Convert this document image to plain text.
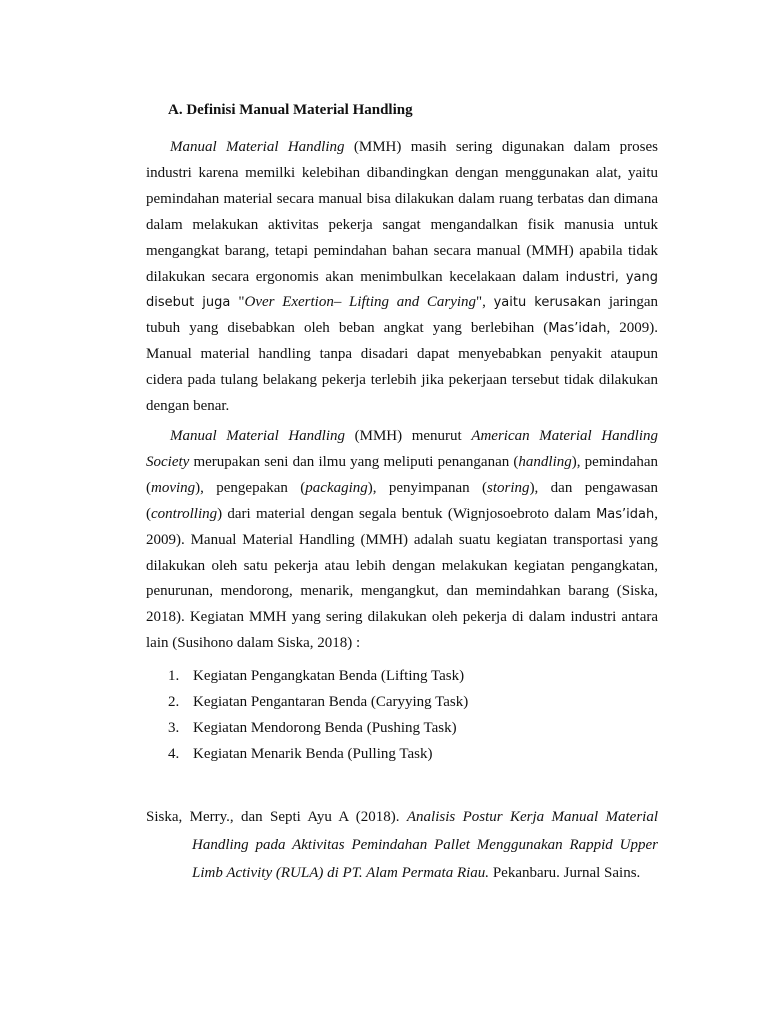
A. Definisi Manual Material Handling

Manual Material Handling (MMH) masih sering digunakan dalam proses industri karena memilki kelebihan dibandingkan dengan menggunakan alat, yaitu pemindahan material secara manual bisa dilakukan dalam ruang terbatas dan dimana dalam melakukan aktivitas pekerja sangat mengandalkan fisik manusia untuk mengangkat barang, tetapi pemindahan bahan secara manual (MMH) apabila tidak dilakukan secara ergonomis akan menimbulkan kecelakaan dalam industri, yang disebut juga "Over Exertion– Lifting and Carying", yaitu kerusakan jaringan tubuh yang disebabkan oleh beban angkat yang berlebihan (Mas’idah, 2009). Manual material handling tanpa disadari dapat menyebabkan penyakit ataupun cidera pada tulang belakang pekerja terlebih jika pekerjaan tersebut tidak dilakukan dengan benar.

Manual Material Handling (MMH) menurut American Material Handling Society merupakan seni dan ilmu yang meliputi penanganan (handling), pemindahan (moving), pengepakan (packaging), penyimpanan (storing), dan pengawasan (controlling) dari material dengan segala bentuk (Wignjosoebroto dalam Mas’idah, 2009). Manual Material Handling (MMH) adalah suatu kegiatan transportasi yang dilakukan oleh satu pekerja atau lebih dengan melakukan kegiatan pengangkatan, penurunan, mendorong, menarik, mengangkut, dan memindahkan barang (Siska, 2018). Kegiatan MMH yang sering dilakukan oleh pekerja di dalam industri antara lain (Susihono dalam Siska, 2018) :

1. Kegiatan Pengangkatan Benda (Lifting Task)
2. Kegiatan Pengantaran Benda (Caryying Task)
3. Kegiatan Mendorong Benda (Pushing Task)
4. Kegiatan Menarik Benda (Pulling Task)

Siska, Merry., dan Septi Ayu A (2018). Analisis Postur Kerja Manual Material Handling pada Aktivitas Pemindahan Pallet Menggunakan Rappid Upper Limb Activity (RULA) di PT. Alam Permata Riau. Pekanbaru. Jurnal Sains.
